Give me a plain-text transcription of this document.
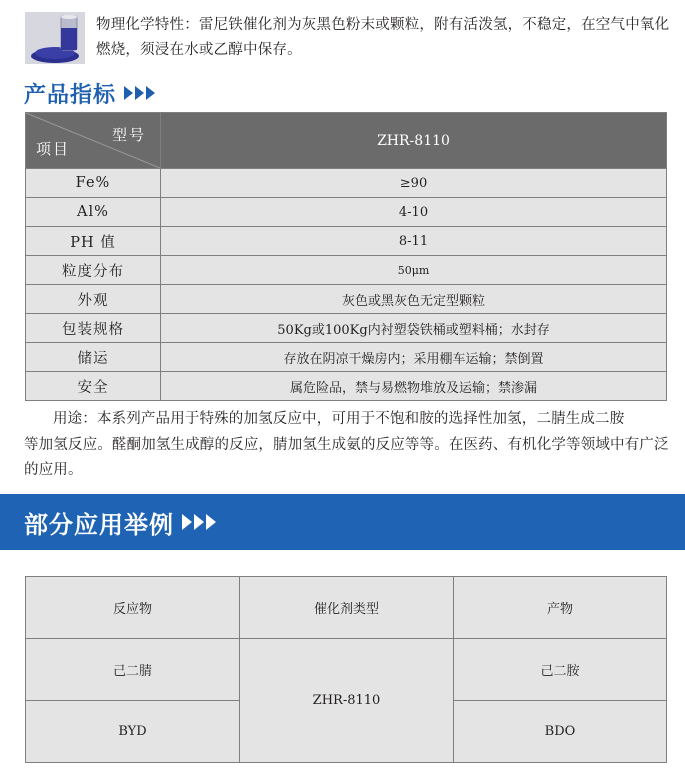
物理化学特性：雷尼铁催化剂为灰黑色粉末或颗粒，附有活泼氢，不稳定，在空气中氧化燃烧，须浸在水或乙醇中保存。
产品指标
型号
项目	ZHR-8110
Fe%	≥90
Al%	4-10
PH 值	8-11
粒度分布	50μm
外观	灰色或黑灰色无定型颗粒
包装规格	50Kg或100Kg内衬塑袋铁桶或塑料桶；水封存
储运	存放在阴凉干燥房内；采用棚车运输；禁倒置
安全	属危险品，禁与易燃物堆放及运输；禁渗漏
用途：本系列产品用于特殊的加氢反应中，可用于不饱和胺的选择性加氢，二腈生成二胺
等加氢反应。醛酮加氢生成醇的反应，腈加氢生成氨的反应等等。在医药、有机化学等领域中有广泛的应用。
部分应用举例
反应物	催化剂类型	产物
己二腈	ZHR-8110	己二胺
BYD		BDO
